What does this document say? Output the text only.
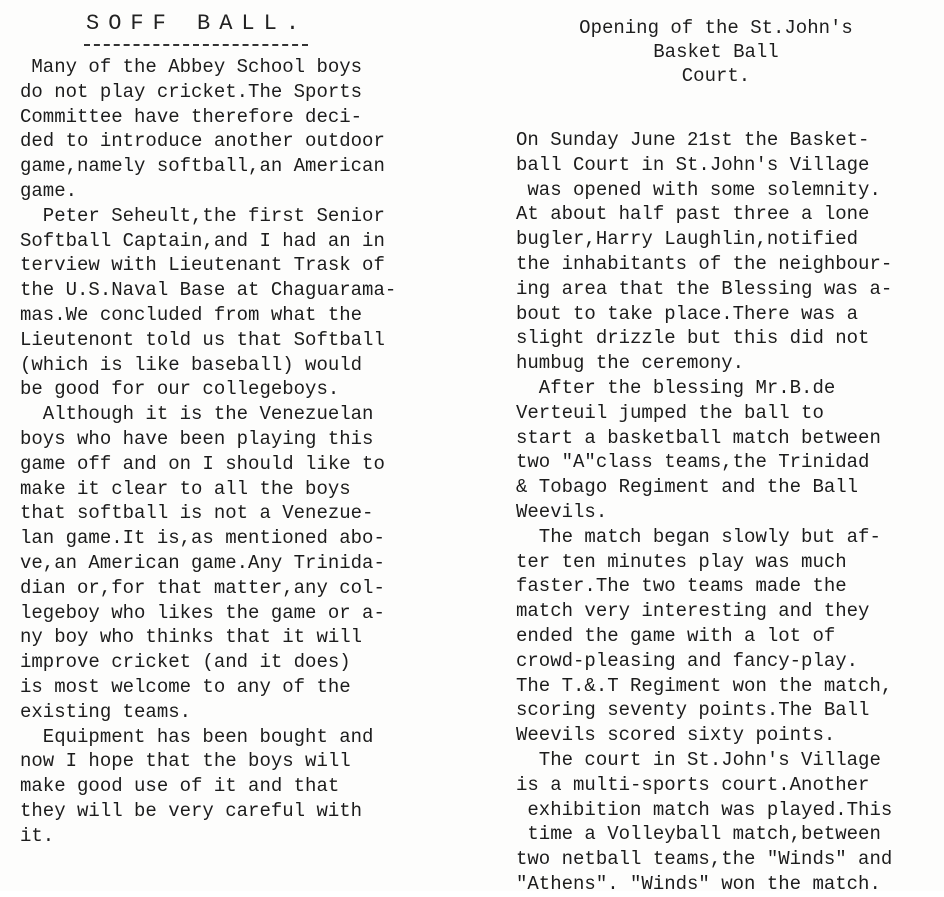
SOFF BALL.
Many of the Abbey School boys
do not play cricket.The Sports
Committee have therefore deci-
ded to introduce another outdoor
game,namely softball,an American
game.
Peter Seheult,the first Senior
Softball Captain,and I had an in
terview with Lieutenant Trask of
the U.S.Naval Base at Chaguarama-
mas.We concluded from what the
Lieutenont told us that Softball
(which is like baseball) would
be good for our collegeboys.
Although it is the Venezuelan
boys who have been playing this
game off and on I should like to
make it clear to all the boys
that softball is not a Venezue-
lan game.It is,as mentioned abo-
ve,an American game.Any Trinida-
dian or,for that matter,any col-
legeboy who likes the game or a-
ny boy who thinks that it will
improve cricket (and it does)
is most welcome to any of the
existing teams.
Equipment has been bought and
now I hope that the boys will
make good use of it and that
they will be very careful with
it.
Opening of the St.John's
Basket Ball
Court.
On Sunday June 21st the Basket-
ball Court in St.John's Village
was opened with some solemnity.
At about half past three a lone
bugler,Harry Laughlin,notified
the inhabitants of the neighbour-
ing area that the Blessing was a-
bout to take place.There was a
slight drizzle but this did not
humbug the ceremony.
After the blessing Mr.B.de
Verteuil jumped the ball to
start a basketball match between
two "A"class teams,the Trinidad
& Tobago Regiment and the Ball
Weevils.
The match began slowly but af-
ter ten minutes play was much
faster.The two teams made the
match very interesting and they
ended the game with a lot of
crowd-pleasing and fancy-play.
The T.&.T Regiment won the match,
scoring seventy points.The Ball
Weevils scored sixty points.
The court in St.John's Village
is a multi-sports court.Another
exhibition match was played.This
time a Volleyball match,between
two netball teams,the "Winds" and
"Athens". "Winds" won the match.
